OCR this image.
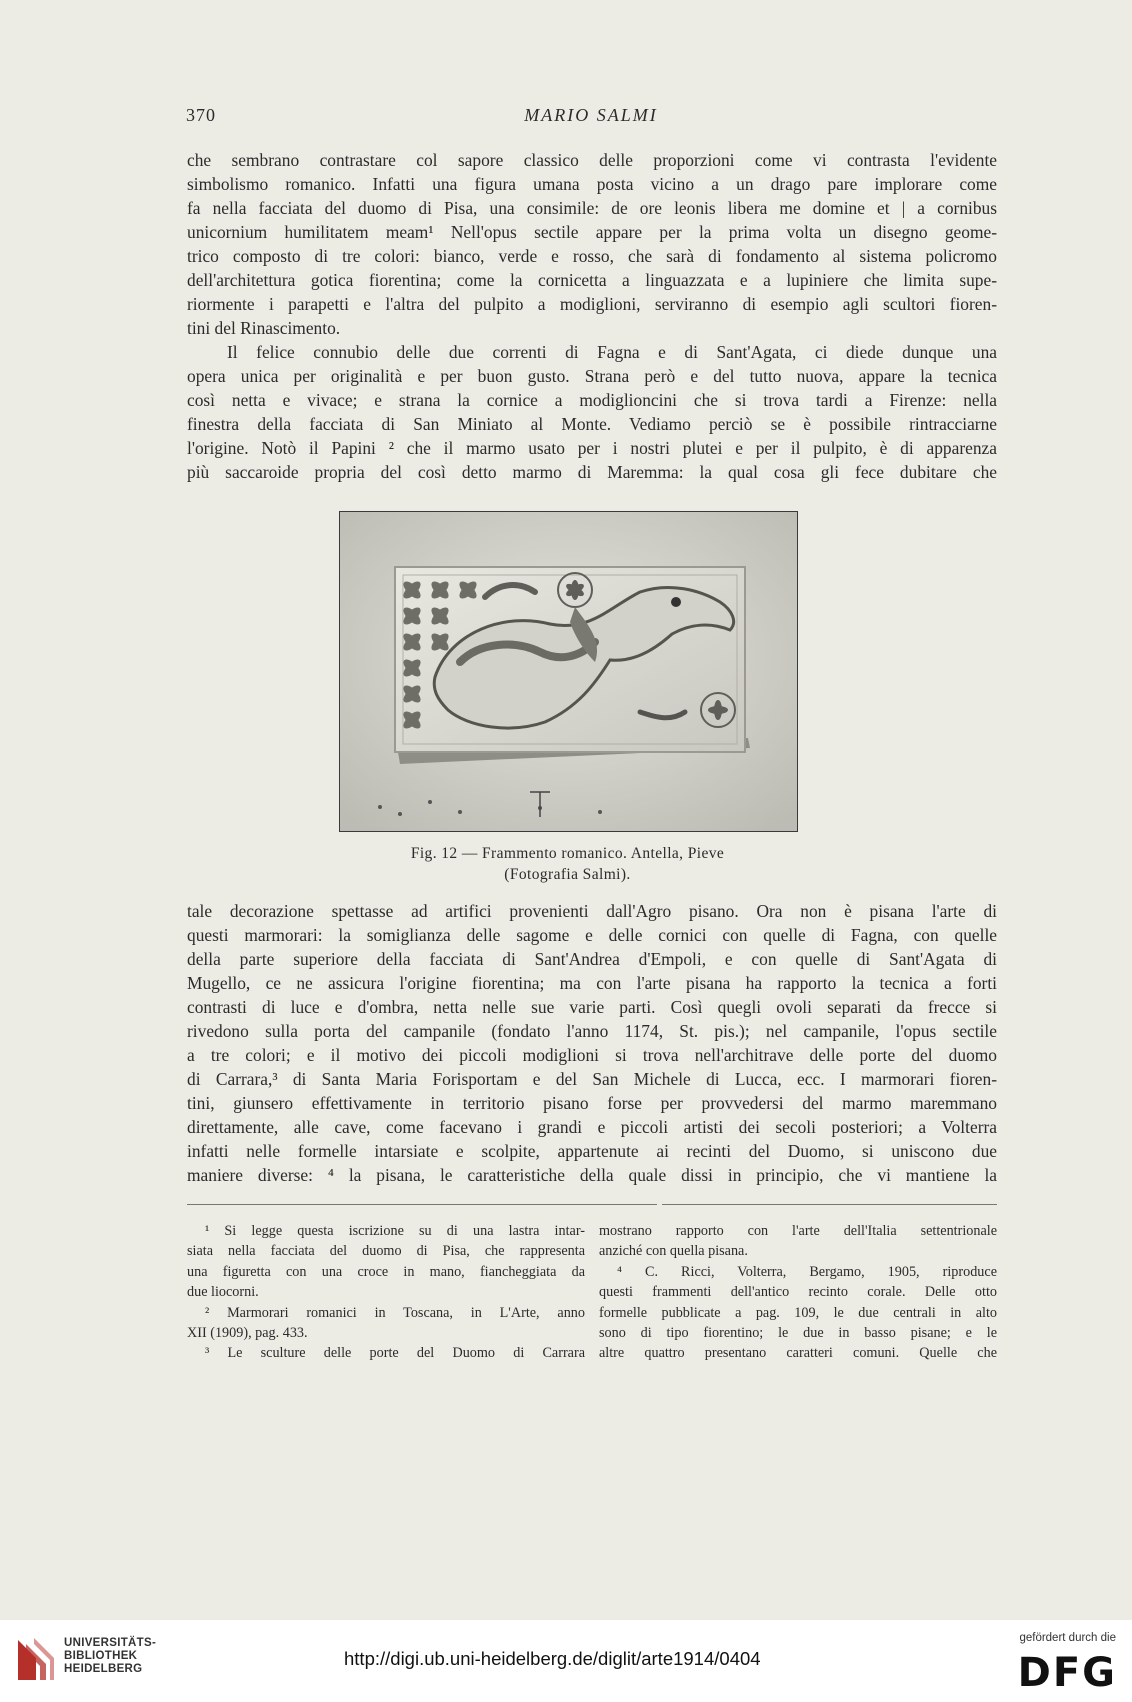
370	MARIO SALMI
che sembrano contrastare col sapore classico delle proporzioni come vi contrasta l'evidente
simbolismo romanico. Infatti una figura umana posta vicino a un drago pare implorare come
fa nella facciata del duomo di Pisa, una consimile: de ore leonis libera me domine et | a cornibus
unicornium humilitatem meam¹ Nell'opus sectile appare per la prima volta un disegno geome-
trico composto di tre colori: bianco, verde e rosso, che sarà di fondamento al sistema policromo
dell'architettura gotica fiorentina; come la cornicetta a linguazzata e a lupiniere che limita supe-
riormente i parapetti e l'altra del pulpito a modiglioni, serviranno di esempio agli scultori fioren-
tini del Rinascimento.
Il felice connubio delle due correnti di Fagna e di Sant'Agata, ci diede dunque una
opera unica per originalità e per buon gusto. Strana però e del tutto nuova, appare la tecnica
così netta e vivace; e strana la cornice a modiglioncini che si trova tardi a Firenze: nella
finestra della facciata di San Miniato al Monte. Vediamo perciò se è possibile rintracciarne
l'origine. Notò il Papini ² che il marmo usato per i nostri plutei e per il pulpito, è di apparenza
più saccaroide propria del così detto marmo di Maremma: la qual cosa gli fece dubitare che
Fig. 12 — Frammento romanico. Antella, Pieve
(Fotografia Salmi).
tale decorazione spettasse ad artifici provenienti dall'Agro pisano. Ora non è pisana l'arte di
questi marmorari: la somiglianza delle sagome e delle cornici con quelle di Fagna, con quelle
della parte superiore della facciata di Sant'Andrea d'Empoli, e con quelle di Sant'Agata di
Mugello, ce ne assicura l'origine fiorentina; ma con l'arte pisana ha rapporto la tecnica a forti
contrasti di luce e d'ombra, netta nelle sue varie parti. Così quegli ovoli separati da frecce si
rivedono sulla porta del campanile (fondato l'anno 1174, St. pis.); nel campanile, l'opus sectile
a tre colori; e il motivo dei piccoli modiglioni si trova nell'architrave delle porte del duomo
di Carrara,³ di Santa Maria Forisportam e del San Michele di Lucca, ecc. I marmorari fioren-
tini, giunsero effettivamente in territorio pisano forse per provvedersi del marmo maremmano
direttamente, alle cave, come facevano i grandi e piccoli artisti dei secoli posteriori; a Volterra
infatti nelle formelle intarsiate e scolpite, appartenute ai recinti del Duomo, si uniscono due
maniere diverse: ⁴ la pisana, le caratteristiche della quale dissi in principio, che vi mantiene la
¹ Si legge questa iscrizione su di una lastra intar-
siata nella facciata del duomo di Pisa, che rappresenta
una figuretta con una croce in mano, fiancheggiata da
due liocorni.
² Marmorari romanici in Toscana, in L'Arte, anno
XII (1909), pag. 433.
³ Le sculture delle porte del Duomo di Carrara
mostrano rapporto con l'arte dell'Italia settentrionale
anziché con quella pisana.
⁴ C. Ricci, Volterra, Bergamo, 1905, riproduce
questi frammenti dell'antico recinto corale. Delle otto
formelle pubblicate a pag. 109, le due centrali in alto
sono di tipo fiorentino; le due in basso pisane; e le
altre quattro presentano caratteri comuni. Quelle che
UNIVERSITÄTS-
BIBLIOTHEK
HEIDELBERG	http://digi.ub.uni-heidelberg.de/diglit/arte1914/0404
gefördert durch die
DFG
